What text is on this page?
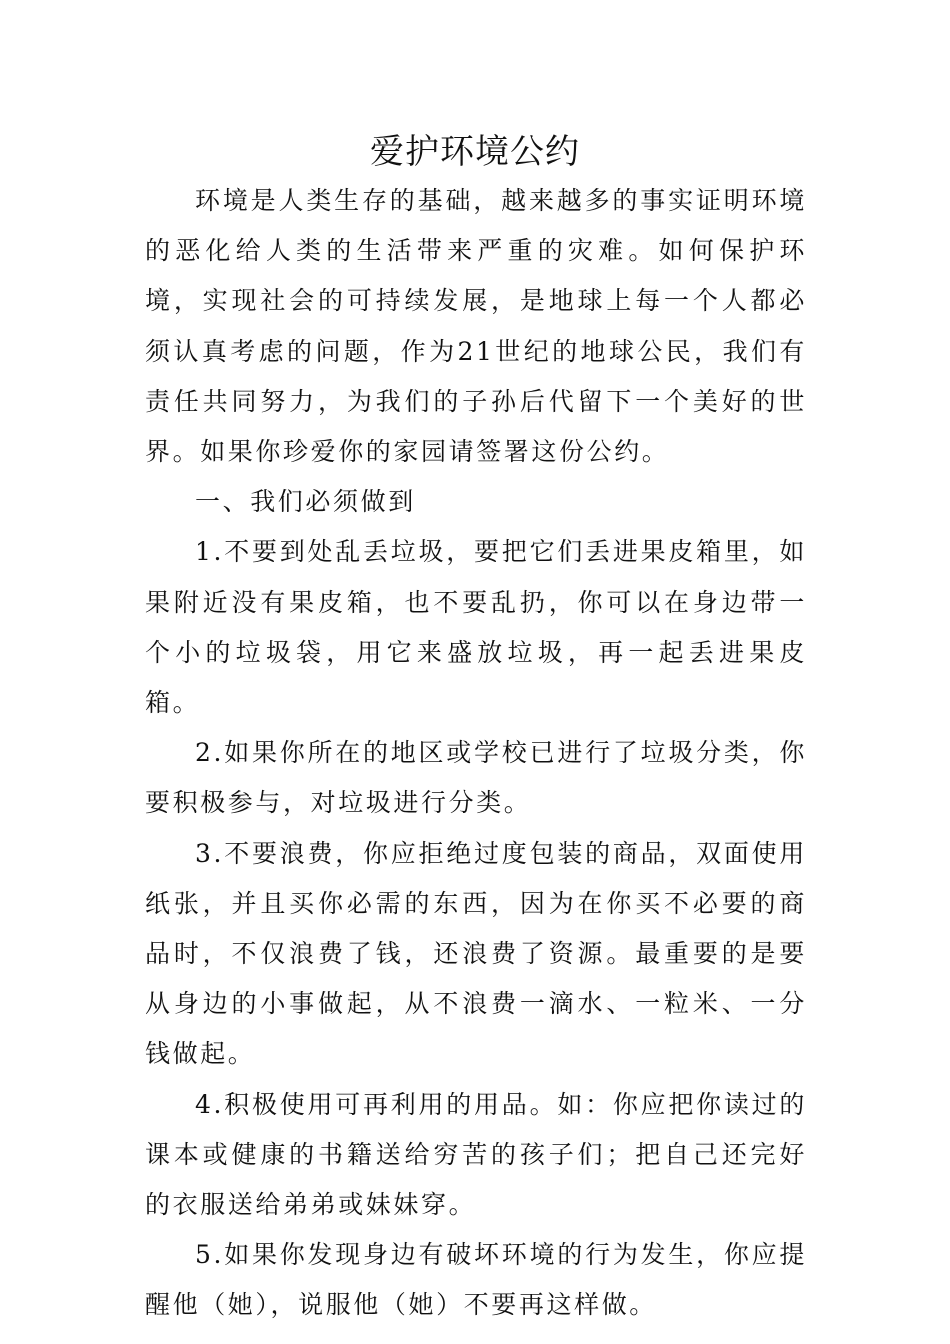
爱护环境公约

环境是人类生存的基础，越来越多的事实证明环境的恶化给人类的生活带来严重的灾难。如何保护环境，实现社会的可持续发展，是地球上每一个人都必须认真考虑的问题，作为21世纪的地球公民，我们有责任共同努力，为我们的子孙后代留下一个美好的世界。如果你珍爱你的家园请签署这份公约。

一、我们必须做到

1.不要到处乱丢垃圾，要把它们丢进果皮箱里，如果附近没有果皮箱，也不要乱扔，你可以在身边带一个小的垃圾袋，用它来盛放垃圾，再一起丢进果皮箱。

2.如果你所在的地区或学校已进行了垃圾分类，你要积极参与，对垃圾进行分类。

3.不要浪费，你应拒绝过度包装的商品，双面使用纸张，并且买你必需的东西，因为在你买不必要的商品时，不仅浪费了钱，还浪费了资源。最重要的是要从身边的小事做起，从不浪费一滴水、一粒米、一分钱做起。

4.积极使用可再利用的用品。如：你应把你读过的课本或健康的书籍送给穷苦的孩子们；把自己还完好的衣服送给弟弟或妹妹穿。

5.如果你发现身边有破坏环境的行为发生，你应提醒他（她），说服他（她）不要再这样做。
